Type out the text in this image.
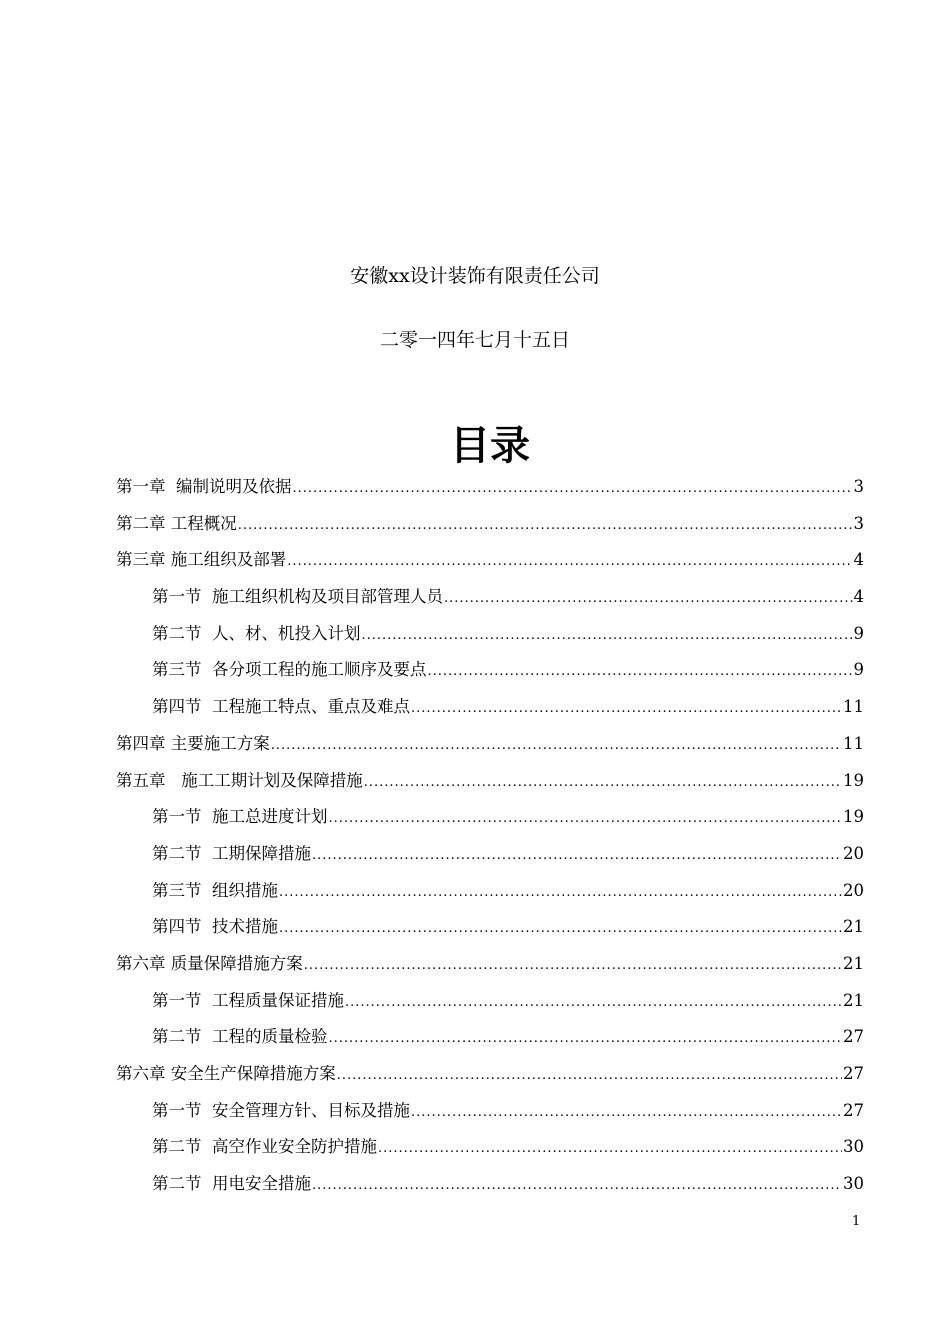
安徽xx设计装饰有限责任公司
二零一四年七月十五日
目录
第一章  编制说明及依据 .....	3
第二章 工程概况 .....	3
第三章 施工组织及部署 .....	4
第一节  施工组织机构及项目部管理人员 .....	4
第二节  人、材、机投入计划 .....	9
第三节  各分项工程的施工顺序及要点 .....	9
第四节  工程施工特点、重点及难点 .....	11
第四章 主要施工方案 .....	11
第五章   施工工期计划及保障措施 .....	19
第一节  施工总进度计划 .....	19
第二节  工期保障措施 .....	20
第三节  组织措施 .....	20
第四节  技术措施 .....	21
第六章 质量保障措施方案 .....	21
第一节  工程质量保证措施 .....	21
第二节  工程的质量检验 .....	27
第六章 安全生产保障措施方案 .....	27
第一节  安全管理方针、目标及措施 .....	27
第二节  高空作业安全防护措施 .....	30
第二节  用电安全措施 .....	30
1
